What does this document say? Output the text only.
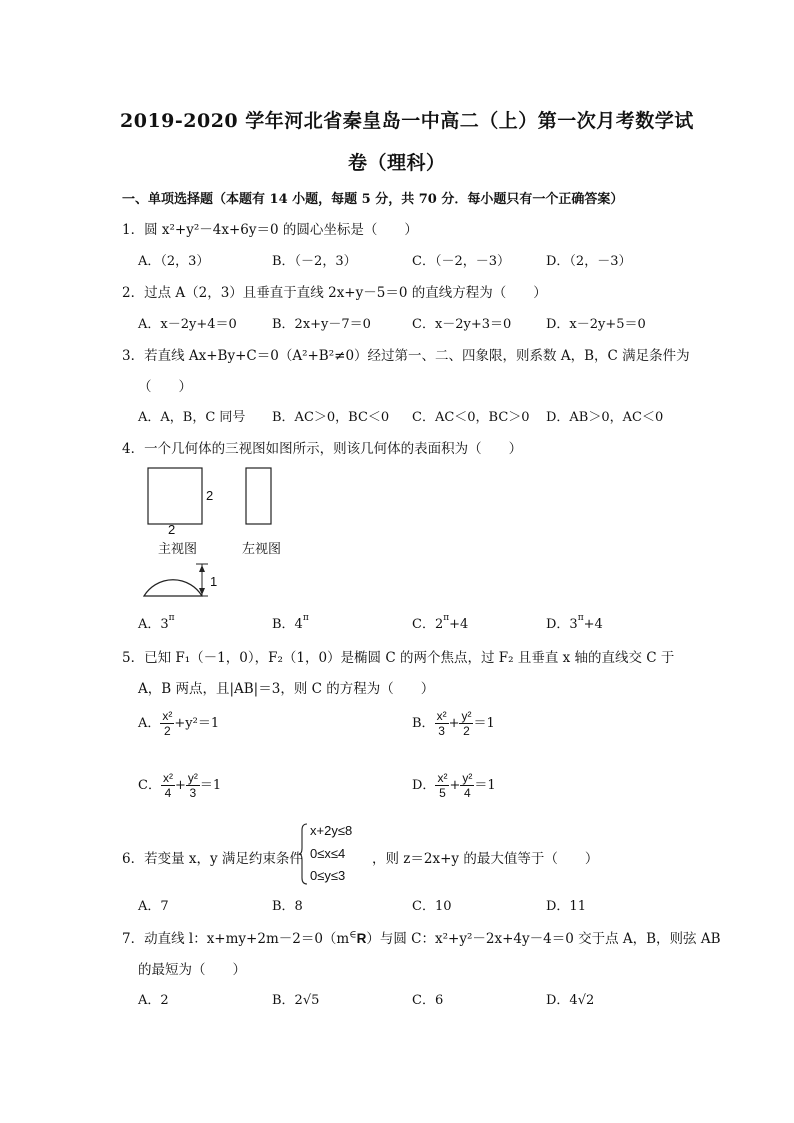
2019-2020 学年河北省秦皇岛一中高二（上）第一次月考数学试
卷（理科）
一、单项选择题（本题有 14 小题，每题 5 分，共 70 分．每小题只有一个正确答案）
1．圆 x²+y²－4x+6y＝0 的圆心坐标是（　　）
A．（2，3）	B．（－2，3）	C．（－2，－3）	D．（2，－3）
2．过点 A（2，3）且垂直于直线 2x+y－5＝0 的直线方程为（　　）
A．x－2y+4＝0	B．2x+y－7＝0	C．x－2y+3＝0	D．x－2y+5＝0
3．若直线 Ax+By+C＝0（A²+B²≠0）经过第一、二、四象限，则系数 A，B，C 满足条件为
（　　）
A．A，B，C 同号 B．AC＞0，BC＜0 C．AC＜0，BC＞0 D．AB＞0，AC＜0
4．一个几何体的三视图如图所示，则该几何体的表面积为（　　）
2
2
主视图	左视图
1
A．$3^\pi$	B．$4^\pi$	C．$2^\pi+4$	D．$3^\pi+4$
5．已知 F₁（－1，0），F₂（1，0）是椭圆 C 的两个焦点，过 F₂ 且垂直 x 轴的直线交 C 于
A，B 两点，且|AB|＝3，则 C 的方程为（　　）
A． $\frac{\text{x²}}{2} +y^2=1$	B． $\frac{\text{x²}}{3} + \frac{\text{y²}}{2} =1$
C． $\frac{\text{x²}}{4} + \frac{\text{y²}}{3} =1$	D． $\frac{\text{x²}}{5} + \frac{\text{y²}}{4} =1$
6．若变量 x，y 满足约束条件
x+2y≤8
0≤x≤4
0≤y≤3
，则 z＝2x+y 的最大值等于（　　）
A．7	B．8	C．10	D．11
7．动直线 l：x+my+2m－2＝0（m∈R）与圆 C：x²+y²－2x+4y－4＝0 交于点 A，B，则弦 AB
的最短为（　　）
A．2	B．2√5	C．6	D．4√2
